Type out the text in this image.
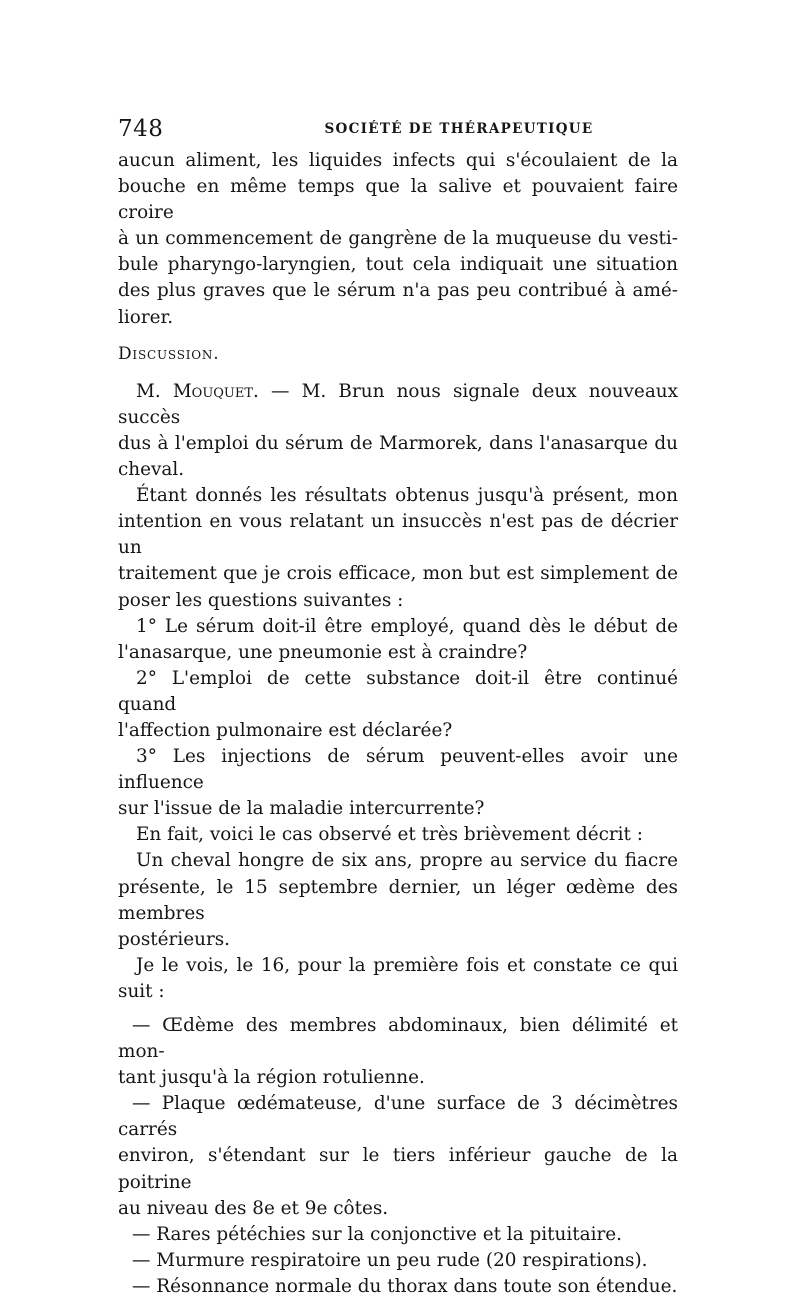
748	SOCIÉTÉ DE THÉRAPEUTIQUE

aucun aliment, les liquides infects qui s'écoulaient de la

bouche en même temps que la salive et pouvaient faire croire

à un commencement de gangrène de la muqueuse du vesti-

bule pharyngo-laryngien, tout cela indiquait une situation

des plus graves que le sérum n'a pas peu contribué à amé-

liorer.

Discussion.

M. Mouquet. — M. Brun nous signale deux nouveaux succès

dus à l'emploi du sérum de Marmorek, dans l'anasarque du

cheval.

Étant donnés les résultats obtenus jusqu'à présent, mon

intention en vous relatant un insuccès n'est pas de décrier un

traitement que je crois efficace, mon but est simplement de

poser les questions suivantes :

1° Le sérum doit-il être employé, quand dès le début de

l'anasarque, une pneumonie est à craindre?

2° L'emploi de cette substance doit-il être continué quand

l'affection pulmonaire est déclarée?

3° Les injections de sérum peuvent-elles avoir une influence

sur l'issue de la maladie intercurrente?

En fait, voici le cas observé et très brièvement décrit :

Un cheval hongre de six ans, propre au service du fiacre

présente, le 15 septembre dernier, un léger œdème des membres

postérieurs.

Je le vois, le 16, pour la première fois et constate ce qui

suit :

— Œdème des membres abdominaux, bien délimité et mon-

tant jusqu'à la région rotulienne.

— Plaque œdémateuse, d'une surface de 3 décimètres carrés

environ, s'étendant sur le tiers inférieur gauche de la poitrine

au niveau des 8e et 9e côtes.

— Rares pétéchies sur la conjonctive et la pituitaire.

— Murmure respiratoire un peu rude (20 respirations).

— Résonnance normale du thorax dans toute son étendue.
